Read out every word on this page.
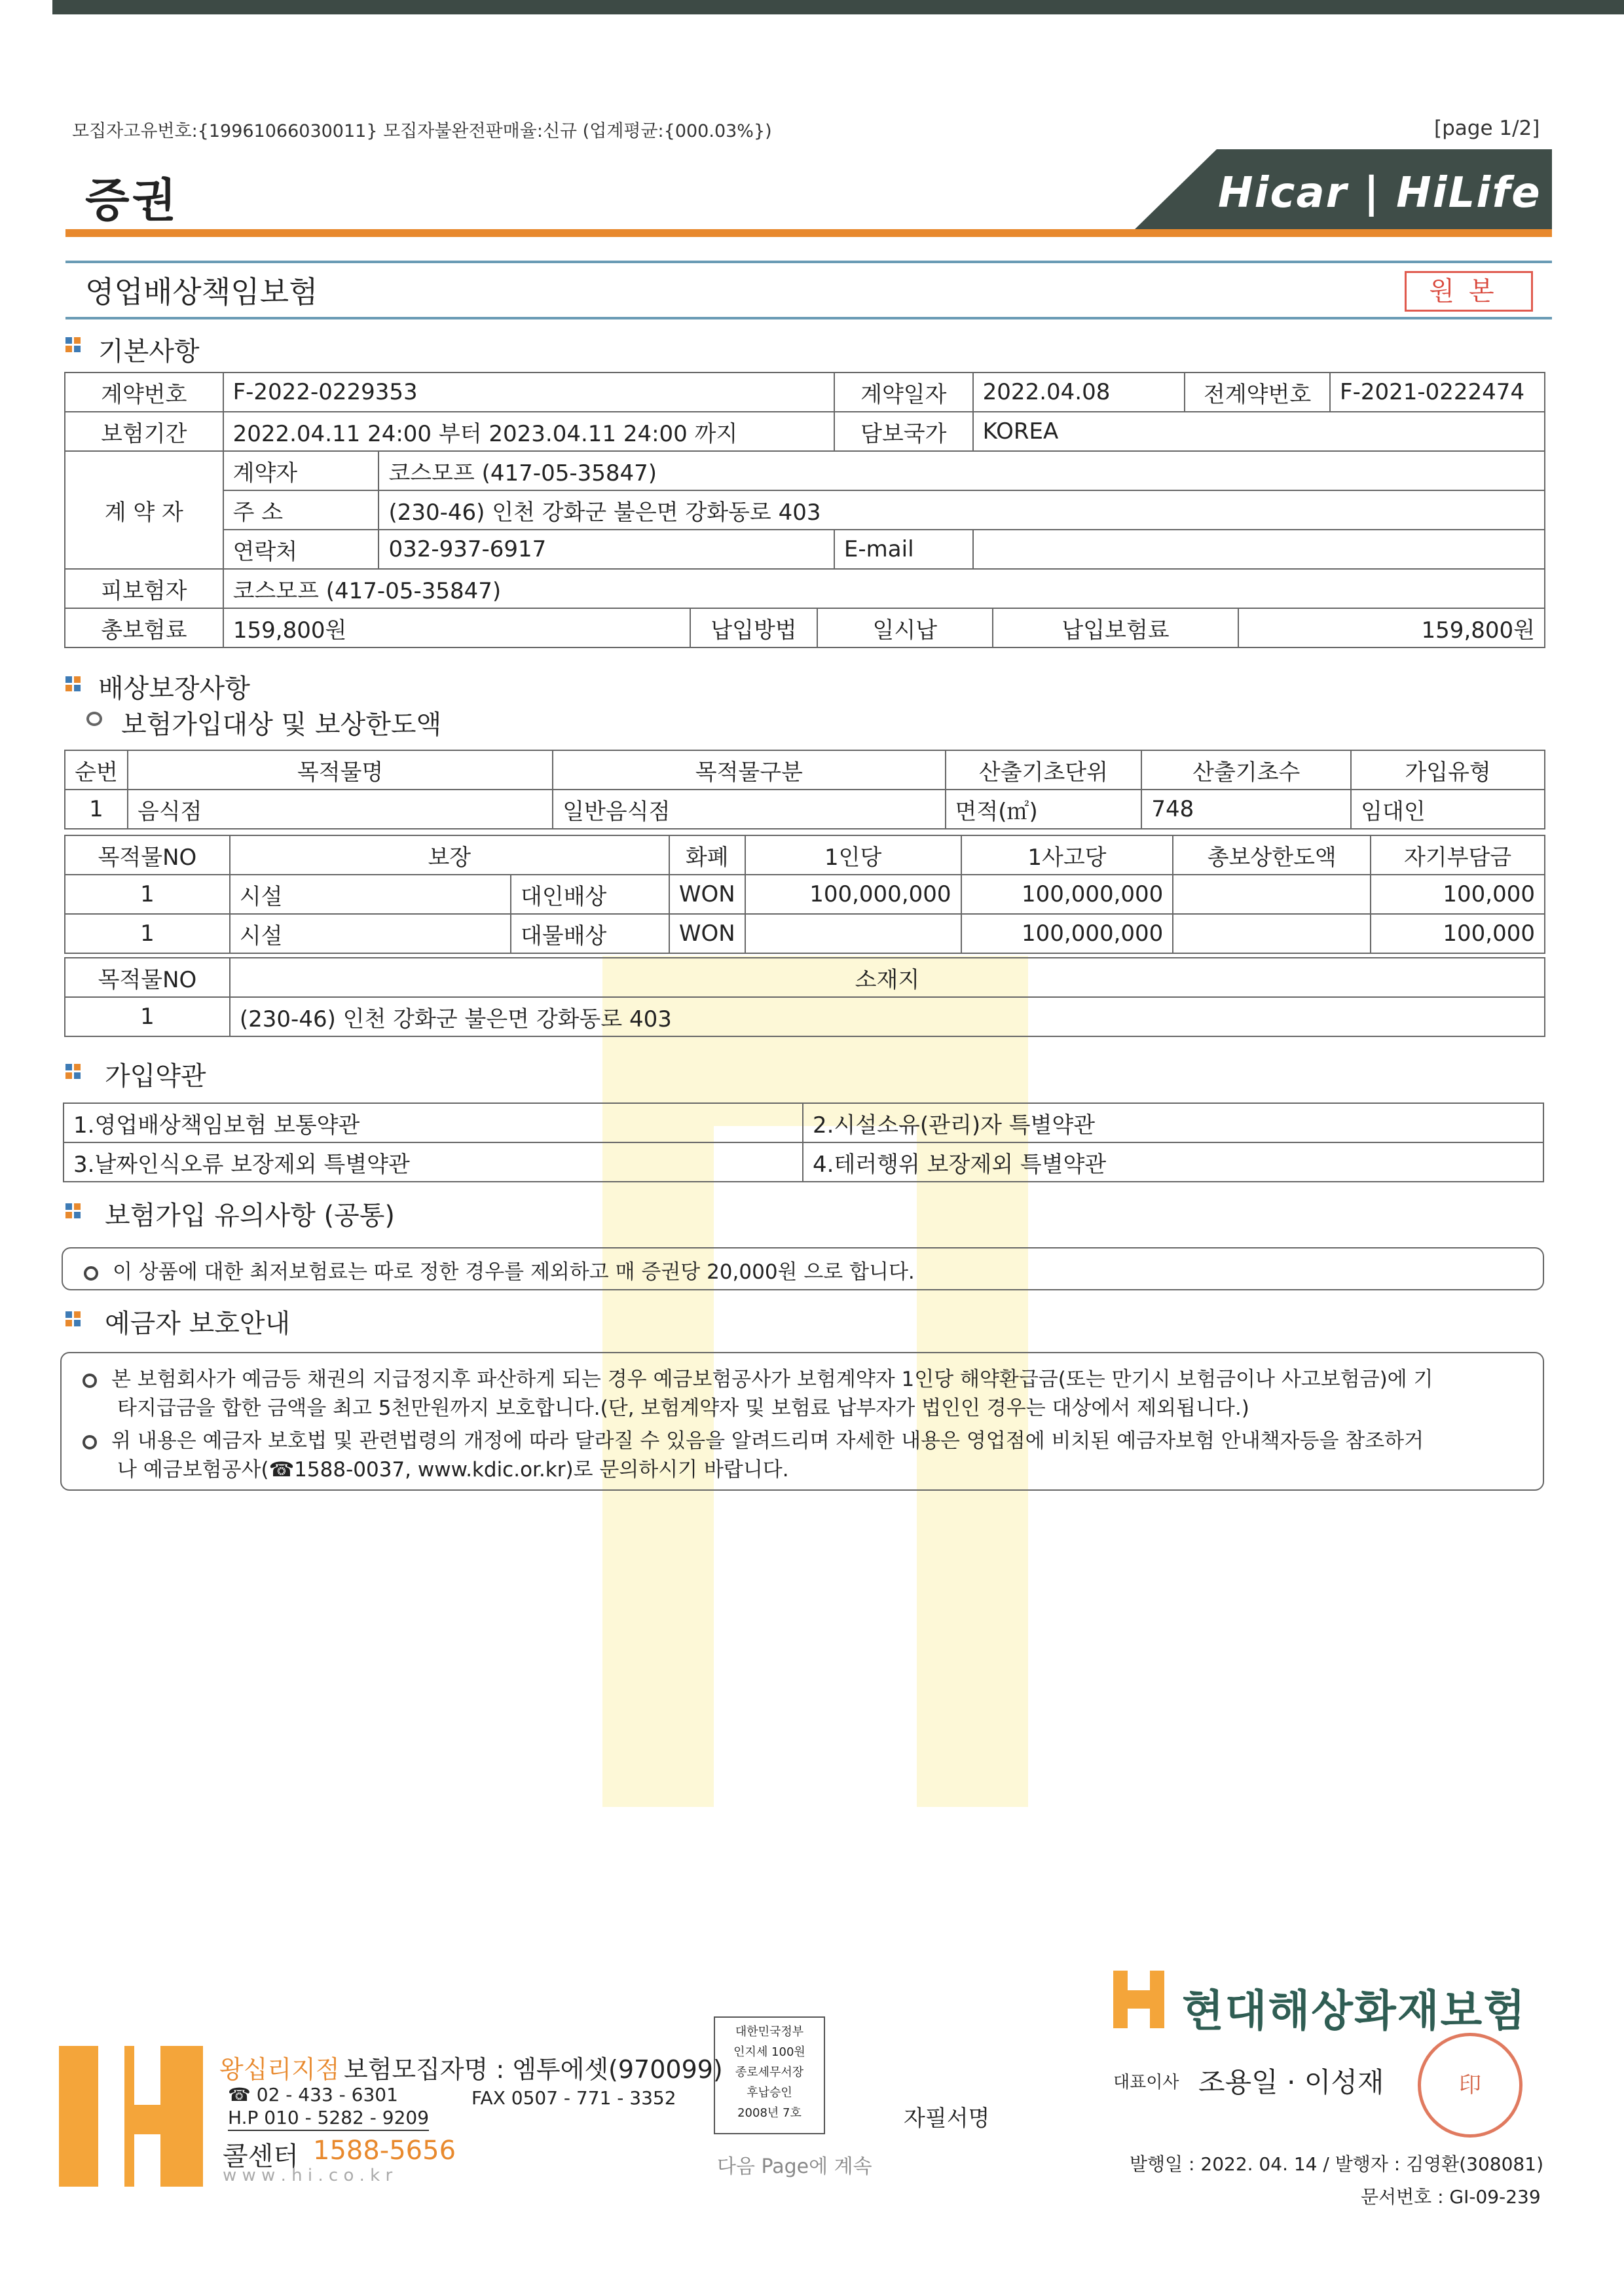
모집자고유번호:{19961066030011} 모집자불완전판매율:신규 (업계평균:{000.03%})	[page 1/2]
증권	Hicar | HiLife
영업배상책임보험	원본
기본사항
계약번호	F-2022-0229353		계약일자	2022.04.08	전계약번호	F-2021-0222474
보험기간	2022.04.11 24:00 부터 2023.04.11 24:00 까지		담보국가	KOREA		
계 약 자	계약자	코스모프 (417-05-35847)				
	주 소	(230-46) 인천 강화군 불은면 강화동로 403				
	연락처	032-937-6917	E-mail			
피보험자	코스모프 (417-05-35847)					
총보험료	159,800원	납입방법	일시납	납입보험료	159,800원
배상보장사항
보험가입대상 및 보상한도액
순번	목적물명	목적물구분	산출기초단위	산출기초수	가입유형
1	음식점	일반음식점	면적(㎡)	748	임대인
목적물NO	보장		화폐	1인당	1사고당	총보상한도액	자기부담금
1	시설	대인배상	WON	100,000,000	100,000,000		100,000
1	시설	대물배상	WON		100,000,000		100,000
목적물NO	소재지
1	(230-46) 인천 강화군 불은면 강화동로 403
가입약관
1.영업배상책임보험 보통약관	2.시설소유(관리)자 특별약관
3.날짜인식오류 보장제외 특별약관	4.테러행위 보장제외 특별약관
보험가입 유의사항 (공통)
이 상품에 대한 최저보험료는 따로 정한 경우를 제외하고 매 증권당 20,000원 으로 합니다.
예금자 보호안내
본 보험회사가 예금등 채권의 지급정지후 파산하게 되는 경우 예금보험공사가 보험계약자 1인당 해약환급금(또는 만기시 보험금이나 사고보험금)에 기
타지급금을 합한 금액을 최고 5천만원까지 보호합니다.(단, 보험계약자 및 보험료 납부자가 법인인 경우는 대상에서 제외됩니다.)
위 내용은 예금자 보호법 및 관련법령의 개정에 따라 달라질 수 있음을 알려드리며 자세한 내용은 영업점에 비치된 예금자보험 안내책자등을 참조하거
나 예금보험공사(☎1588-0037, www.kdic.or.kr)로 문의하시기 바랍니다.
왕십리지점 보험모집자명 : 엠투에셋(970099)
☎ 02 - 433 - 6301	FAX 0507 - 771 - 3352
H.P 010 - 5282 - 9209
콜센터 1588-5656
w w w . h i . c o . k r
대한민국정부
인지세 100원
종로세무서장
후납승인
2008년 7호	자필서명
다음 Page에 계속
현대해상화재보험
대표이사 조용일 · 이성재	印
발행일 : 2022. 04. 14 / 발행자 : 김영환(308081)
문서번호 : GI-09-239
